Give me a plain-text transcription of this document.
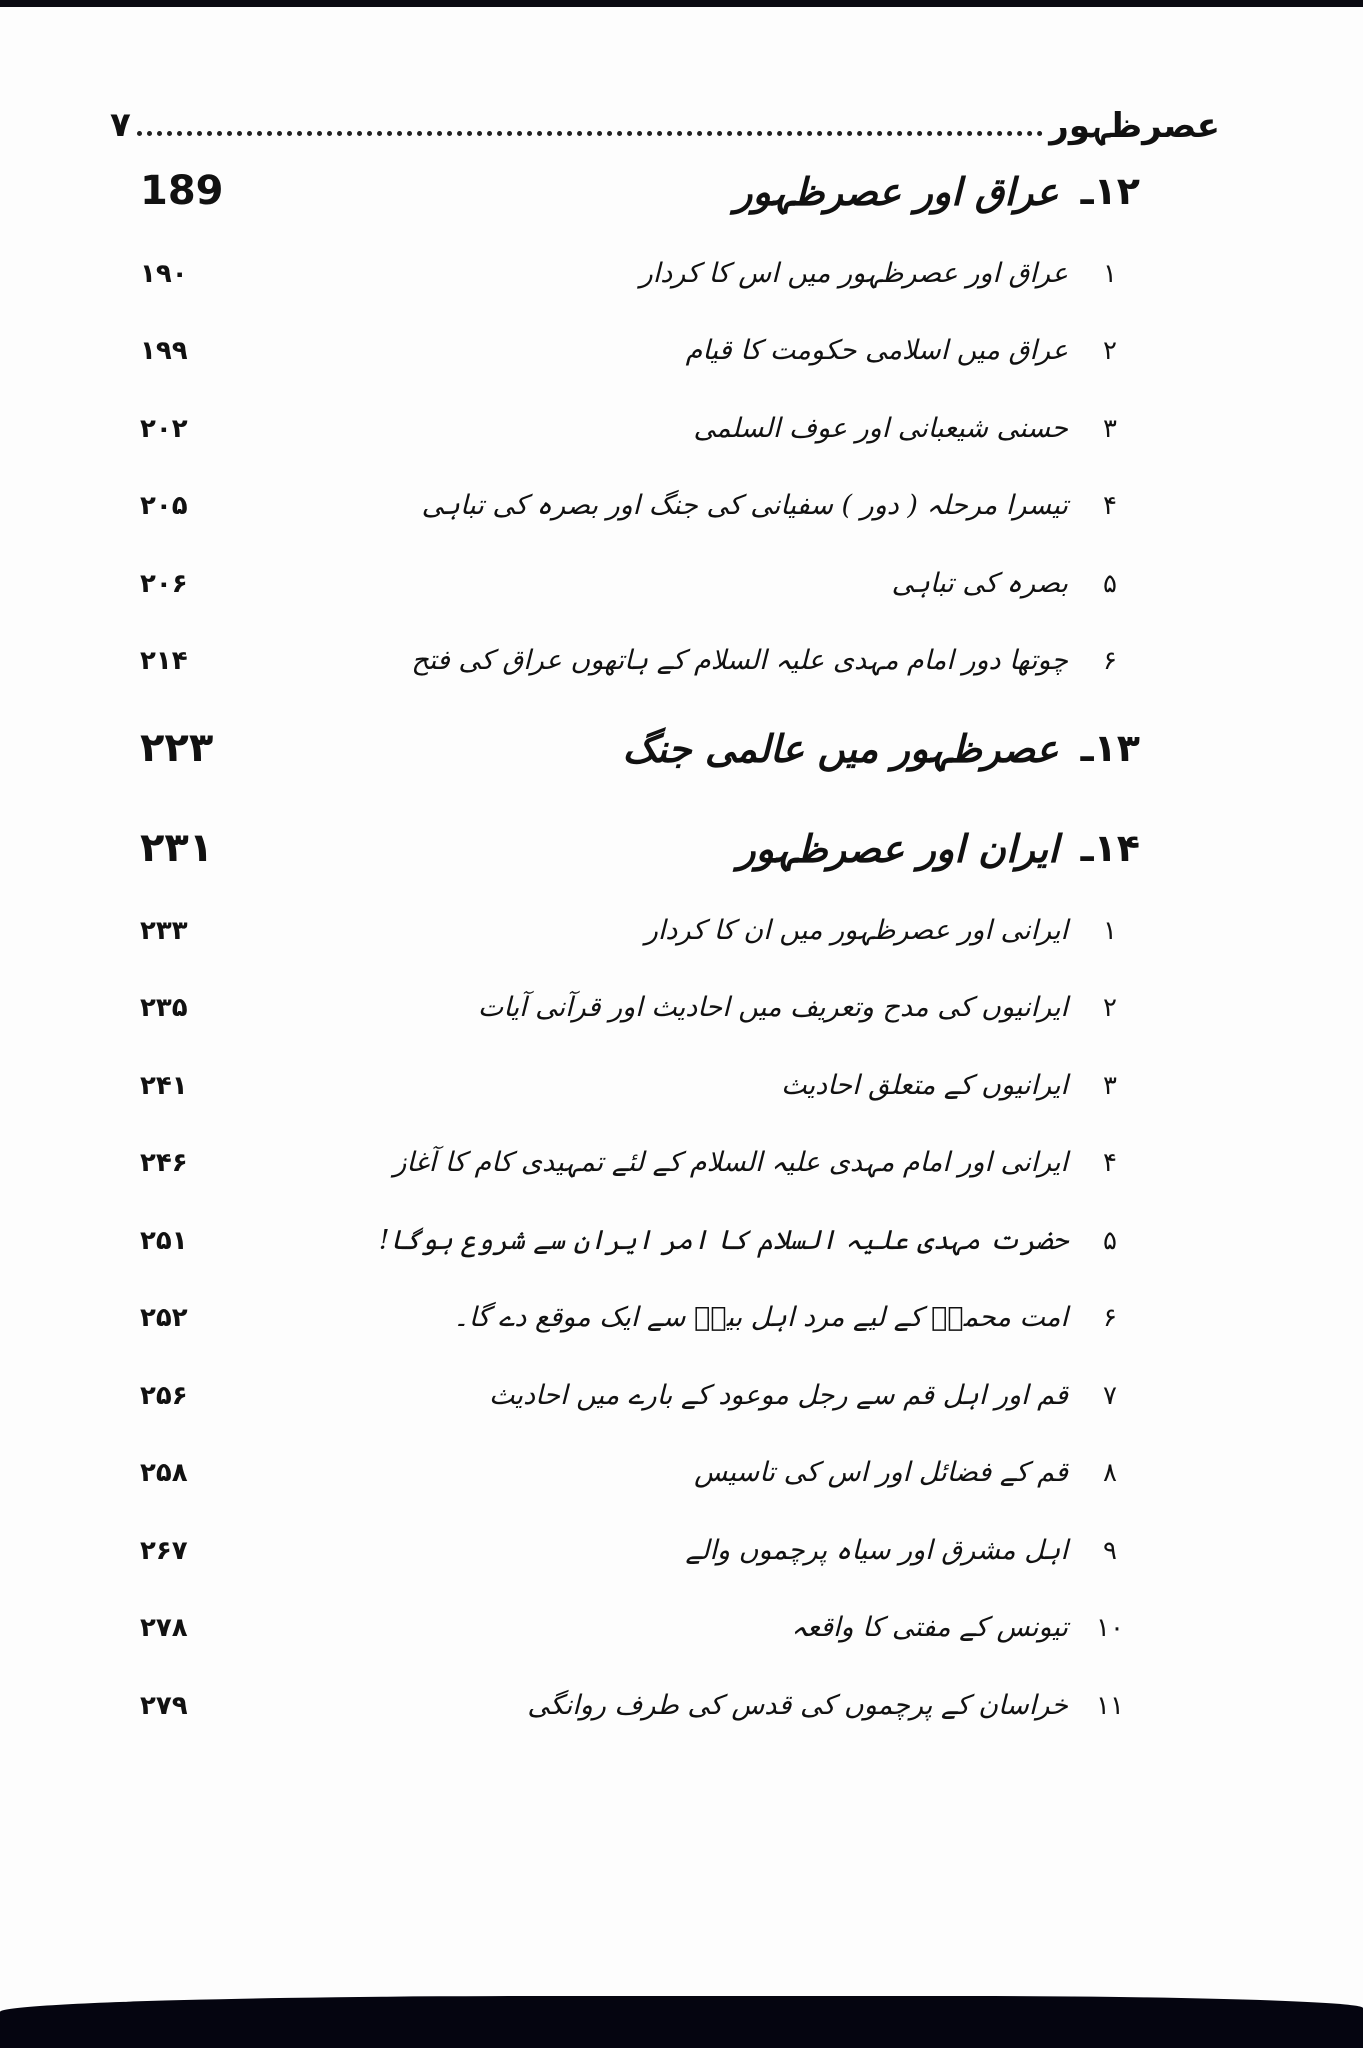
عصرظہور
۷
۱۲ـ
عراق اور عصرظہور
189
۱
عراق اور عصرظہور میں اس کا کردار
۱۹۰
۲
عراق میں اسلامی حکومت کا قیام
۱۹۹
۳
حسنی شیعبانی اور عوف السلمی
۲۰۲
۴
تیسرا مرحلہ ( دور ) سفیانی کی جنگ اور بصرہ کی تباہی
۲۰۵
۵
بصرہ کی تباہی
۲۰۶
۶
چوتھا دور امام مہدی علیہ السلام کے ہاتھوں عراق کی فتح
۲۱۴
۱۳ـ
عصرظہور میں عالمی جنگ
۲۲۳
۱۴ـ
ایران اور عصرظہور
۲۳۱
۱
ایرانی اور عصرظہور میں ان کا کردار
۲۳۳
۲
ایرانیوں کی مدح وتعریف میں احادیث اور قرآنی آیات
۲۳۵
۳
ایرانیوں کے متعلق احادیث
۲۴۱
۴
ایرانی اور امام مہدی علیہ السلام کے لئے تمہیدی کام کا آغاز
۲۴۶
۵
حضرت مہدی علیہ السلام کا امر ایران سے شروع ہوگا!
۲۵۱
۶
امت محمدؐ کے لیے مرد اہل بیتؑ سے ایک موقع دے گا۔
۲۵۲
۷
قم اور اہل قم سے رجل موعود کے بارے میں احادیث
۲۵۶
۸
قم کے فضائل اور اس کی تاسیس
۲۵۸
۹
اہل مشرق اور سیاہ پرچموں والے
۲۶۷
۱۰
تیونس کے مفتی کا واقعہ
۲۷۸
۱۱
خراسان کے پرچموں کی قدس کی طرف روانگی
۲۷۹
